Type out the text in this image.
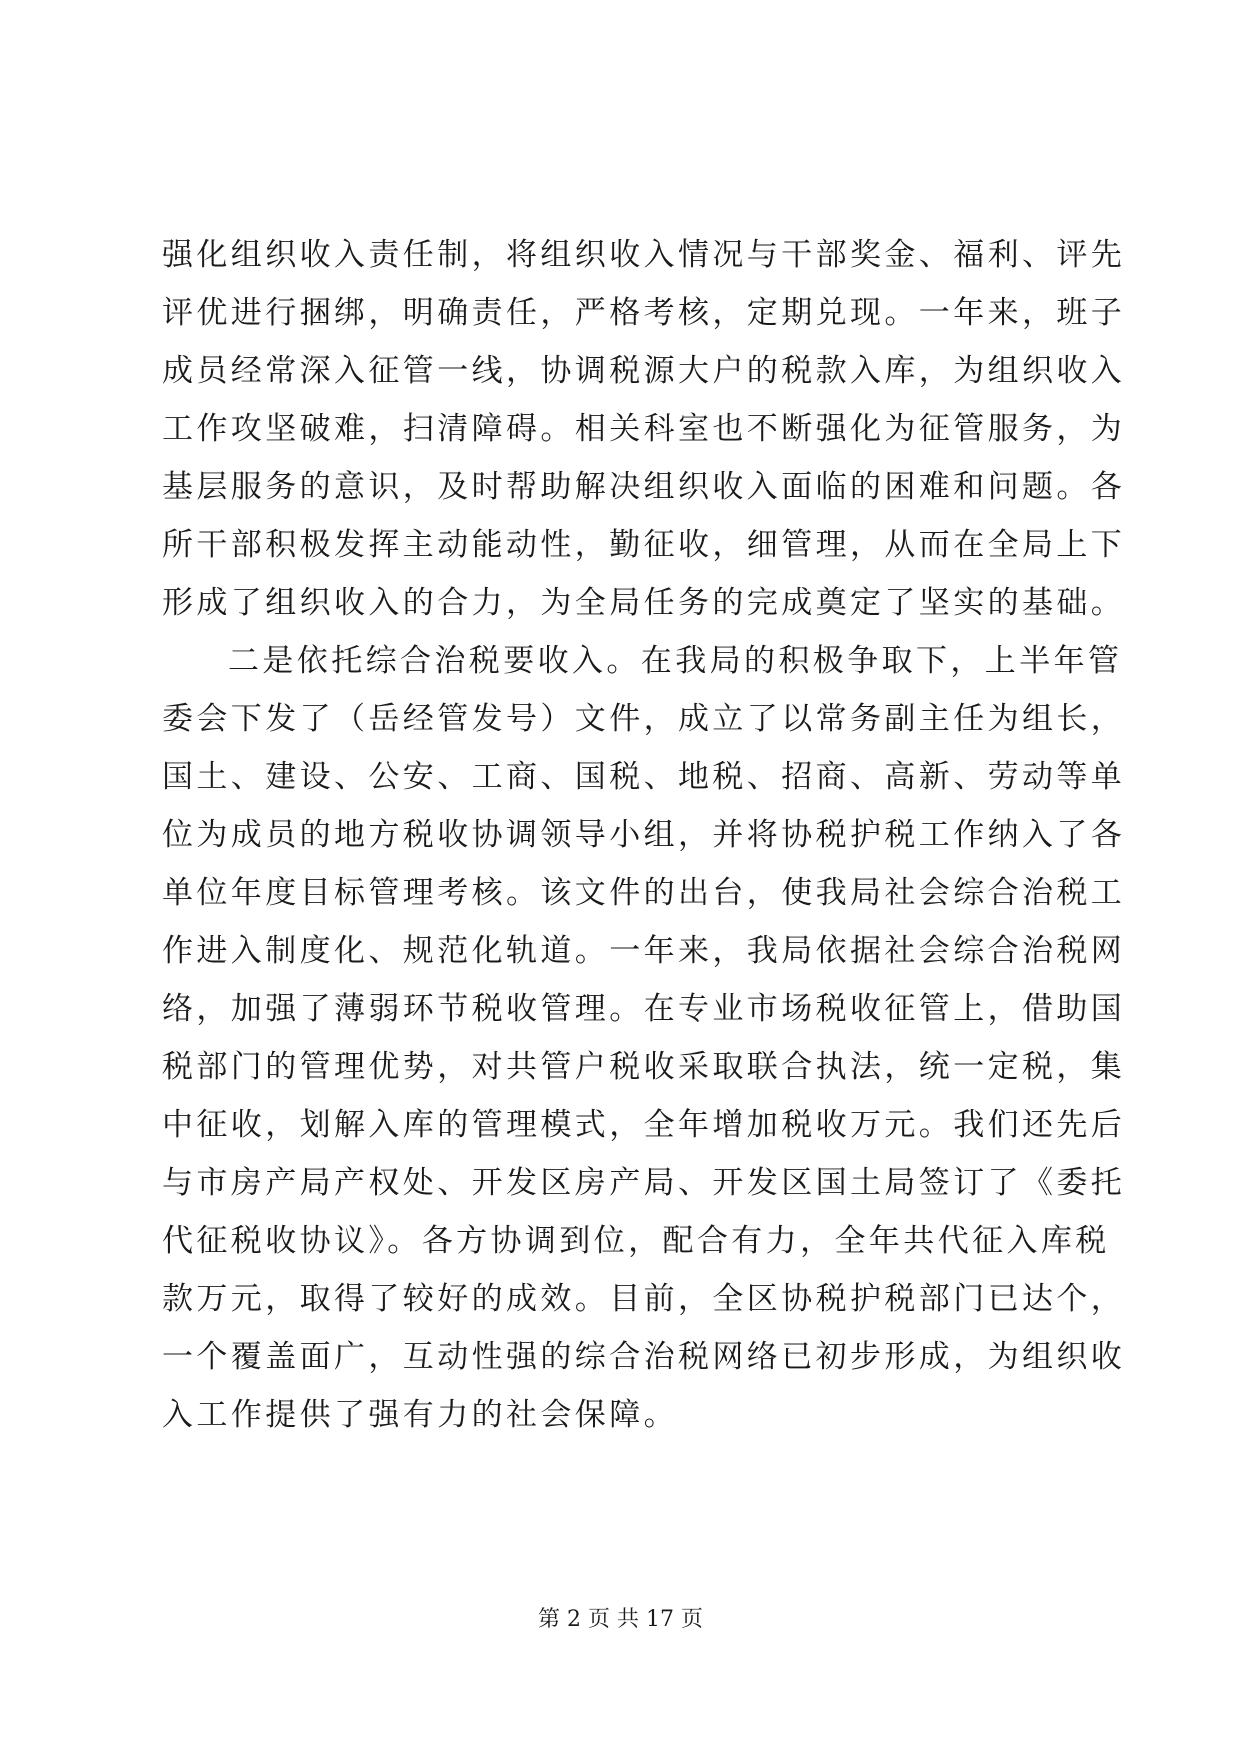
强化组织收入责任制，将组织收入情况与干部奖金、福利、评先
评优进行捆绑，明确责任，严格考核，定期兑现。一年来，班子
成员经常深入征管一线，协调税源大户的税款入库，为组织收入
工作攻坚破难，扫清障碍。相关科室也不断强化为征管服务，为
基层服务的意识，及时帮助解决组织收入面临的困难和问题。各
所干部积极发挥主动能动性，勤征收，细管理，从而在全局上下
形成了组织收入的合力，为全局任务的完成奠定了坚实的基础。
二是依托综合治税要收入。在我局的积极争取下，上半年管
委会下发了（岳经管发号）文件，成立了以常务副主任为组长，
国土、建设、公安、工商、国税、地税、招商、高新、劳动等单
位为成员的地方税收协调领导小组，并将协税护税工作纳入了各
单位年度目标管理考核。该文件的出台，使我局社会综合治税工
作进入制度化、规范化轨道。一年来，我局依据社会综合治税网
络，加强了薄弱环节税收管理。在专业市场税收征管上，借助国
税部门的管理优势，对共管户税收采取联合执法，统一定税，集
中征收，划解入库的管理模式，全年增加税收万元。我们还先后
与市房产局产权处、开发区房产局、开发区国土局签订了《委托
代征税收协议》。各方协调到位，配合有力，全年共代征入库税
款万元，取得了较好的成效。目前，全区协税护税部门已达个，
一个覆盖面广，互动性强的综合治税网络已初步形成，为组织收
入工作提供了强有力的社会保障。
第 2 页 共 17 页
